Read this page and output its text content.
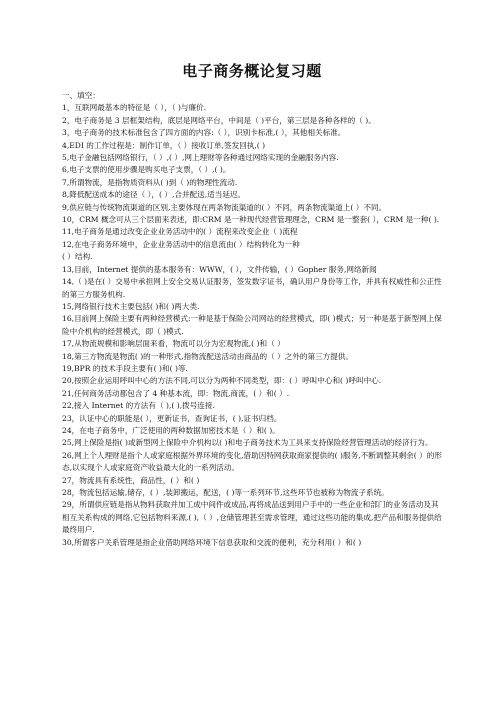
电子商务概论复习题
一、填空：
1，互联网最基本的特征是（ ），（ )与廉价.
2，电子商务是 3 层框架结构，底层是网络平台，中间是（ )平台，第三层是各种各样的（ )。
3，电子商务的技术标准包含了四方面的内容:（ ），识别卡标准,( ），其他相关标准。
4,EDI 的工作过程是：制作订单，（ ）接收订单,签发回执,( )
5,电子金融包括网络银行，（ ）,( ）,网上理财等各种通过网络实现的金融服务内容.
6,电子支票的使用步骤是购买电子支票，（ ）,( )。
7,所谓物流，是指物质资料从( )到（ )的物理性流动.
8,降低配送成本的途径（ ），( ）,合并配送,适当延迟。
9,供应链与传统物流渠道的区别,主要体现在两条物流渠道的( ）不同，两条物流渠道上( ）不同。
10，CRM 概念可从三个层面来表述，即:CRM 是一种现代经营管理理念，CRM 是一整套( ），CRM 是一种( ).
11,电子商务是通过改变企业业务活动中的( ）流程来改变企业（ )流程
12,在电子商务环境中，企业业务活动中的信息流由( ）结构转化为一种
( ）结构.
13,目前，Internet 提供的基本服务有：WWW，( ），文件传输，( ）Gopher 服务,网络新闻
14,（ )是在( ）交易中承担网上安全交易认证服务，签发数字证书，确认用户身份等工作，并具有权威性和公正性的第三方服务机构.
15,网络银行技术主要包括( )和( )两大类.
16,目前网上保险主要有两种经营模式:一种是基于保险公司网站的经营模式，即( )模式；另一种是基于新型网上保险中介机构的经营模式，即（ )模式.
17,从物流规模和影响层面来看，物流可以分为宏观物流,( )和（ ）
18,第三方物流是物流( )的一种形式,指物流配送活动由商品的（ ）之外的第三方提供。
19,BPR 的技术手段主要有( )和( )等.
20,按照企业运用呼叫中心的方法不同,可以分为两种不同类型，即：( ）呼叫中心和( )呼叫中心.
21,任何商务活动都包含了 4 种基本流，即：物流,商流，( ）和( ）.
22,接入 Internet 的方法有（ ),( ),拨号连接.
23，认证中心的职能是( ），更新证书，查询证书，( ),证书归档。
24，在电子商务中，广泛使用的两种数据加密技术是（ ）和( )。
25,网上保险是指( )或新型网上保险中介机构以( )和电子商务技术为工具来支持保险经营管理活动的经济行为。
26,网上个人理财是指个人或家庭根据外界环境的变化,借助因特网获取商家提供的( )服务,不断调整其剩余( ）的形态,以实现个人或家庭资产收益最大化的一系列活动。
27，物流具有系统性，商品性，( ）和( )
28，物流包括运输,储存，( ）,装卸搬运，配送，( )等一系列环节,这些环节也被称为物流子系统。
29，所谓供应链是指从物料获取并加工成中间件或成品,再将成品送到用户手中的一些企业和部门的业务活动及其相互关系构成的网络,它包括物料来源,( ),（ ）,仓储管理甚至需求管理，通过这些功能的集成,把产品和服务提供给最终用户.
30,所谓客户关系管理是指企业借助网络环境下信息获取和交流的便利，充分利用( ）和( )
